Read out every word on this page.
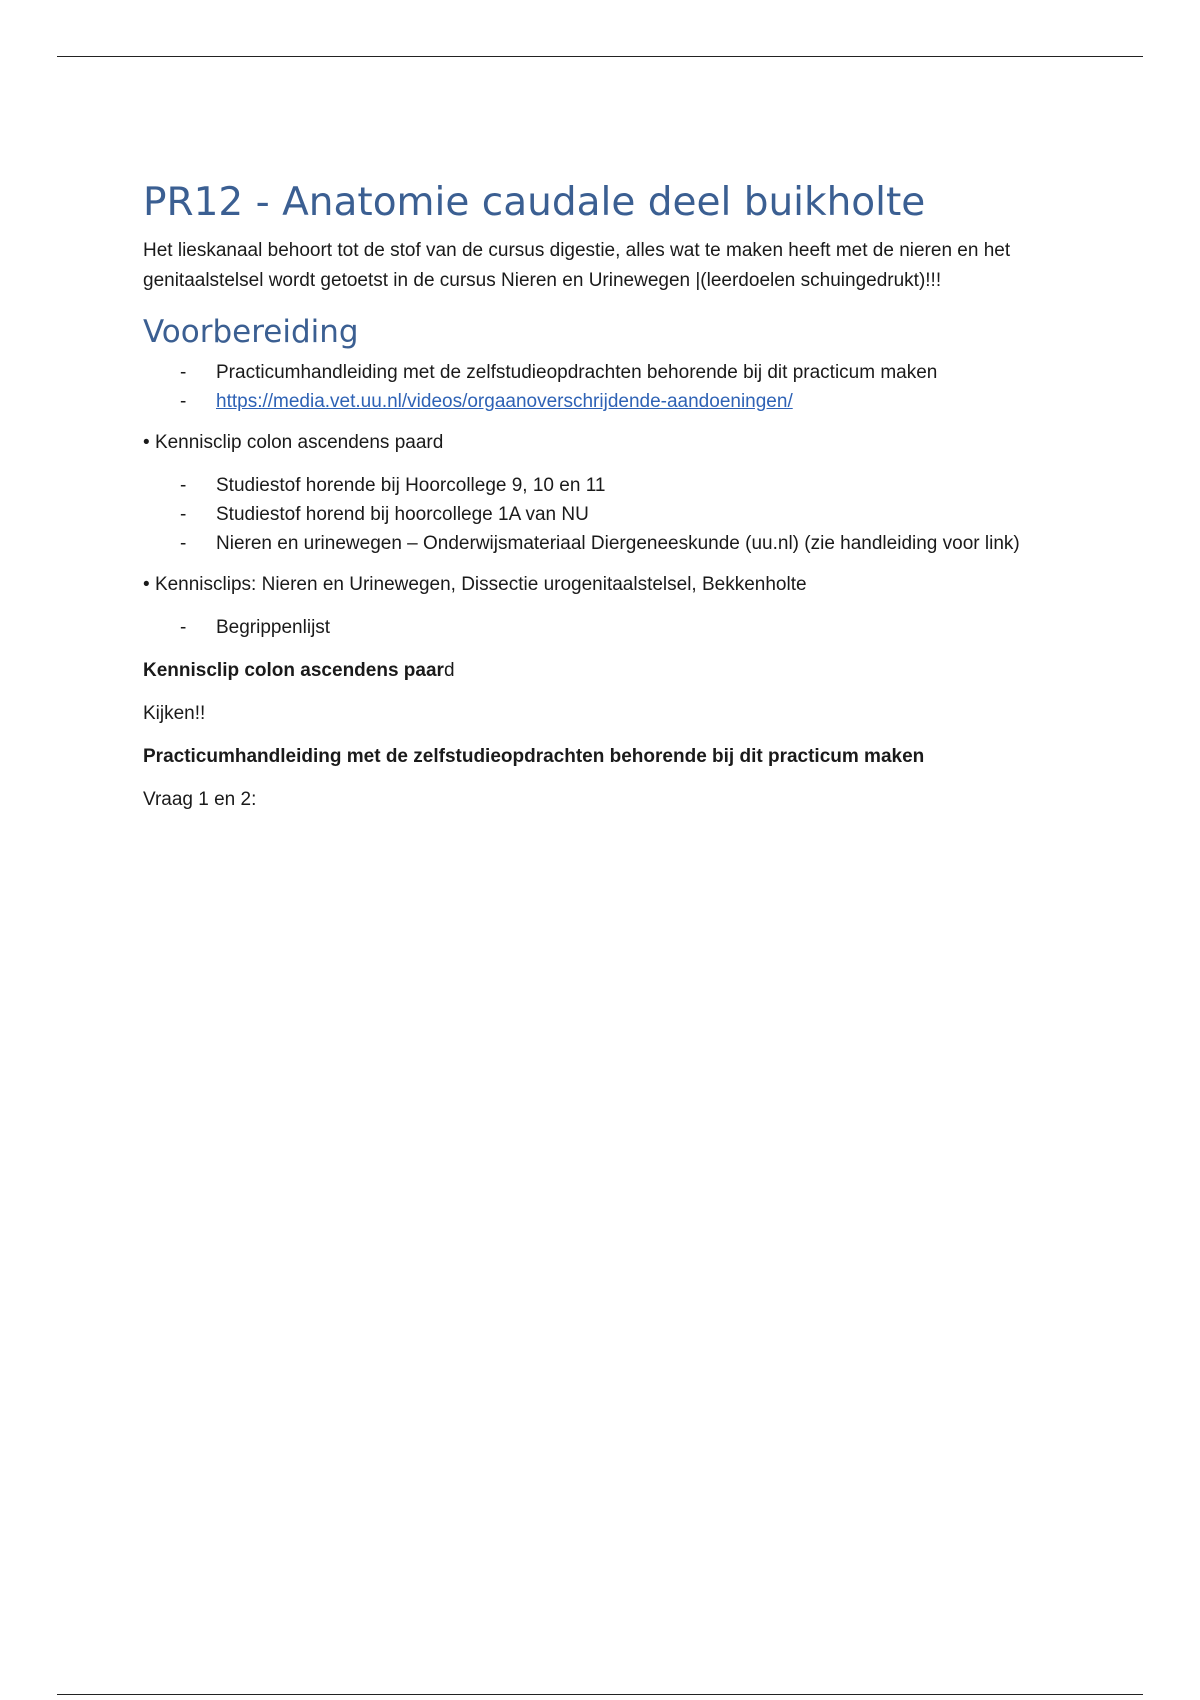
PR12 - Anatomie caudale deel buikholte

Het lieskanaal behoort tot de stof van de cursus digestie, alles wat te maken heeft met de nieren en het genitaalstelsel wordt getoetst in de cursus Nieren en Urinewegen |(leerdoelen schuingedrukt)!!!

Voorbereiding
- Practicumhandleiding met de zelfstudieopdrachten behorende bij dit practicum maken
- https://media.vet.uu.nl/videos/orgaanoverschrijdende-aandoeningen/

• Kennisclip colon ascendens paard

- Studiestof horende bij Hoorcollege 9, 10 en 11
- Studiestof horend bij hoorcollege 1A van NU
- Nieren en urinewegen – Onderwijsmateriaal Diergeneeskunde (uu.nl) (zie handleiding voor link)

• Kennisclips: Nieren en Urinewegen, Dissectie urogenitaalstelsel, Bekkenholte

- Begrippenlijst

Kennisclip colon ascendens paard

Kijken!!

Practicumhandleiding met de zelfstudieopdrachten behorende bij dit practicum maken

Vraag 1 en 2:
